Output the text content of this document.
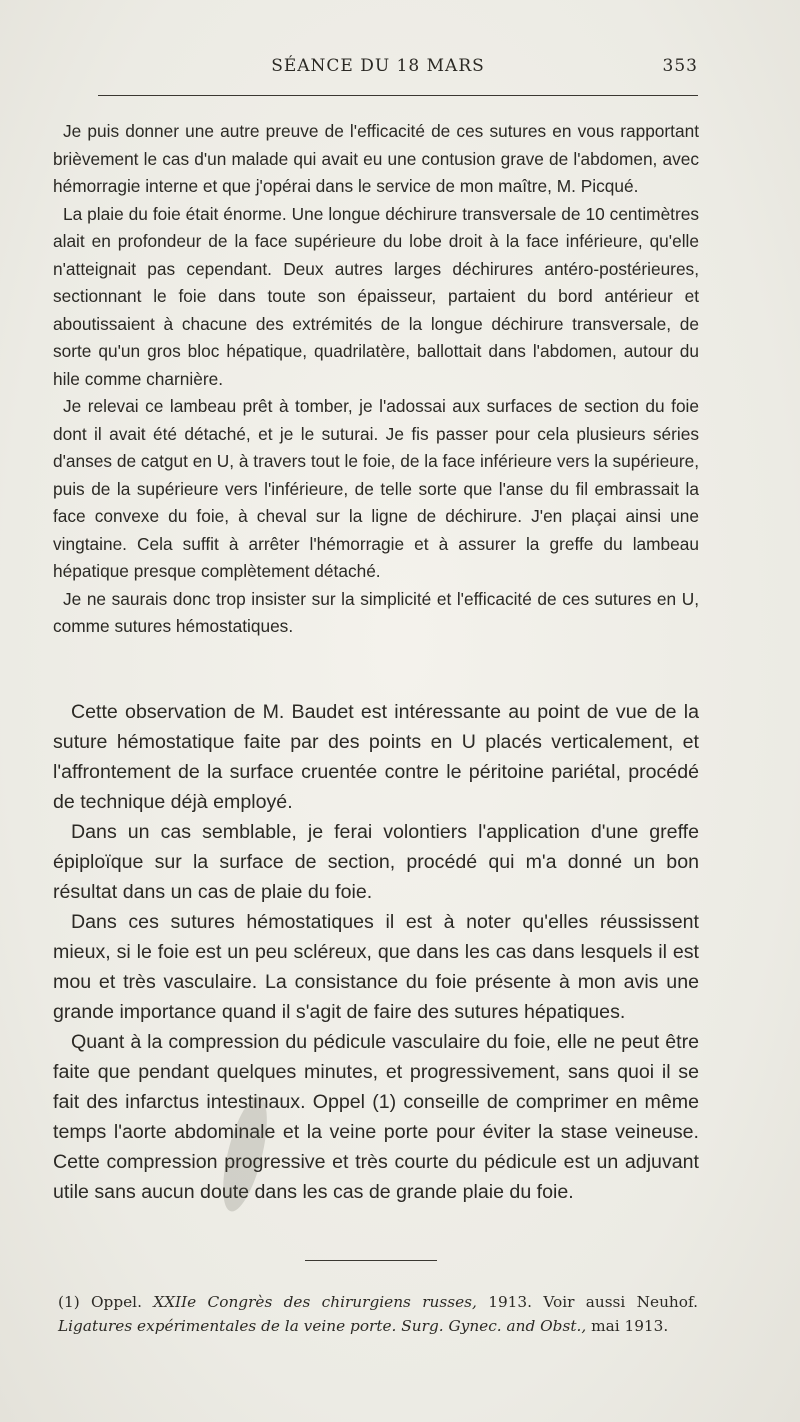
SÉANCE DU 18 MARS	353

Je puis donner une autre preuve de l'efficacité de ces sutures en vous rapportant brièvement le cas d'un malade qui avait eu une contusion grave de l'abdomen, avec hémorragie interne et que j'opérai dans le service de mon maître, M. Picqué.

La plaie du foie était énorme. Une longue déchirure transversale de 10 centimètres alait en profondeur de la face supérieure du lobe droit à la face inférieure, qu'elle n'atteignait pas cependant. Deux autres larges déchirures antéro-postérieures, sectionnant le foie dans toute son épaisseur, partaient du bord antérieur et aboutissaient à chacune des extrémités de la longue déchirure transversale, de sorte qu'un gros bloc hépatique, quadrilatère, ballottait dans l'abdomen, autour du hile comme charnière.

Je relevai ce lambeau prêt à tomber, je l'adossai aux surfaces de section du foie dont il avait été détaché, et je le suturai. Je fis passer pour cela plusieurs séries d'anses de catgut en U, à travers tout le foie, de la face inférieure vers la supérieure, puis de la supérieure vers l'inférieure, de telle sorte que l'anse du fil embrassait la face convexe du foie, à cheval sur la ligne de déchirure. J'en plaçai ainsi une vingtaine. Cela suffit à arrêter l'hémorragie et à assurer la greffe du lambeau hépatique presque complètement détaché.

Je ne saurais donc trop insister sur la simplicité et l'efficacité de ces sutures en U, comme sutures hémostatiques.

Cette observation de M. Baudet est intéressante au point de vue de la suture hémostatique faite par des points en U placés verticalement, et l'affrontement de la surface cruentée contre le péritoine pariétal, procédé de technique déjà employé.

Dans un cas semblable, je ferai volontiers l'application d'une greffe épiploïque sur la surface de section, procédé qui m'a donné un bon résultat dans un cas de plaie du foie.

Dans ces sutures hémostatiques il est à noter qu'elles réussissent mieux, si le foie est un peu scléreux, que dans les cas dans lesquels il est mou et très vasculaire. La consistance du foie présente à mon avis une grande importance quand il s'agit de faire des sutures hépatiques.

Quant à la compression du pédicule vasculaire du foie, elle ne peut être faite que pendant quelques minutes, et progressivement, sans quoi il se fait des infarctus intestinaux. Oppel (1) conseille de comprimer en même temps l'aorte abdominale et la veine porte pour éviter la stase veineuse. Cette compression progressive et très courte du pédicule est un adjuvant utile sans aucun doute dans les cas de grande plaie du foie.

(1) Oppel. XXIIe Congrès des chirurgiens russes, 1913. Voir aussi Neuhof. Ligatures expérimentales de la veine porte. Surg. Gynec. and Obst., mai 1913.
